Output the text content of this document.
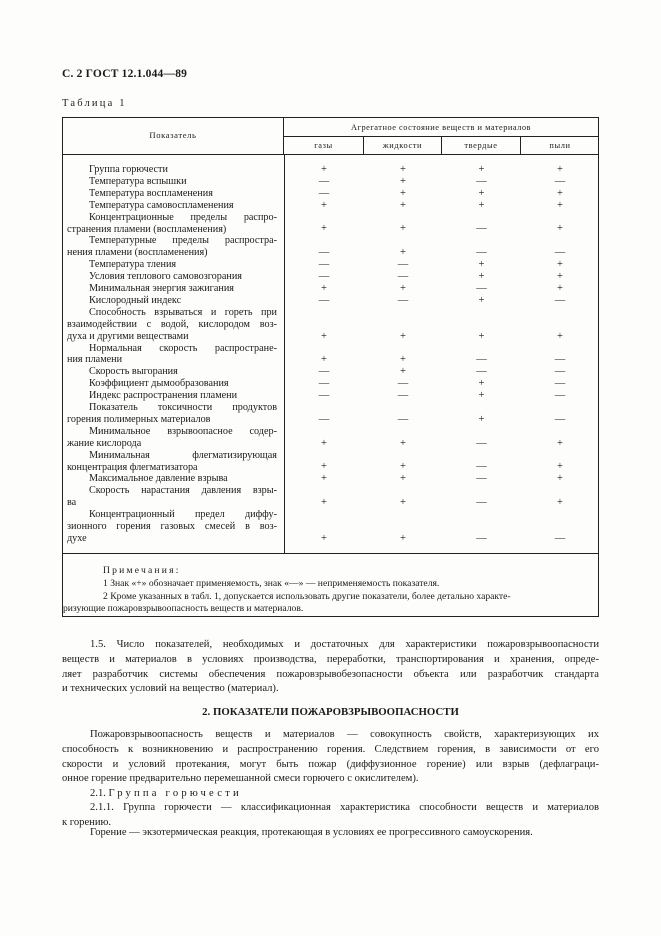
С. 2 ГОСТ 12.1.044—89
Таблица 1
Показатель
Агрегатное состояние веществ и материалов
газы	жидкости	твердые	пыли
Группа горючести	+	+	+	+
Температура вспышки	—	+	—	—
Температура воспламенения	—	+	+	+
Температура самовоспламенения	+	+	+	+
Концентрационные пределы распро-
странения пламени (воспламенения)	+	+	—	+
Температурные пределы распростра-
нения пламени (воспламенения)	—	+	—	—
Температура тления	—	—	+	+
Условия теплового самовозгорания	—	—	+	+
Минимальная энергия зажигания	+	+	—	+
Кислородный индекс	—	—	+	—
Способность взрываться и гореть при
взаимодействии с водой, кислородом воз-
духа и другими веществами	+	+	+	+
Нормальная скорость распростране-
ния пламени	+	+	—	—
Скорость выгорания	—	+	—	—
Коэффициент дымообразования	—	—	+	—
Индекс распространения пламени	—	—	+	—
Показатель токсичности продуктов
горения полимерных материалов	—	—	+	—
Минимальное взрывоопасное содер-
жание кислорода	+	+	—	+
Минимальная флегматизирующая
концентрация флегматизатора	+	+	—	+
Максимальное давление взрыва	+	+	—	+
Скорость нарастания давления взры-
ва	+	+	—	+
Концентрационный предел диффу-
зионного горения газовых смесей в воз-
духе	+	+	—	—
Примечания:
1 Знак «+» обозначает применяемость, знак «—» — неприменяемость показателя.
2 Кроме указанных в табл. 1, допускается использовать другие показатели, более детально характе-
ризующие пожаровзрывоопасность веществ и материалов.
1.5. Число показателей, необходимых и достаточных для характеристики пожаровзрывоопасности
веществ и материалов в условиях производства, переработки, транспортирования и хранения, опреде-
ляет разработчик системы обеспечения пожаровзрывобезопасности объекта или разработчик стандарта
и технических условий на вещество (материал).
2. ПОКАЗАТЕЛИ ПОЖАРОВЗРЫВООПАСНОСТИ
Пожаровзрывоопасность веществ и материалов — совокупность свойств, характеризующих их
способность к возникновению и распространению горения. Следствием горения, в зависимости от его
скорости и условий протекания, могут быть пожар (диффузионное горение) или взрыв (дефлаграци-
онное горение предварительно перемешанной смеси горючего с окислителем).
2.1. Группа горючести
2.1.1. Группа горючести — классификационная характеристика способности веществ и материалов
к горению.
Горение — экзотермическая реакция, протекающая в условиях ее прогрессивного самоускорения.
